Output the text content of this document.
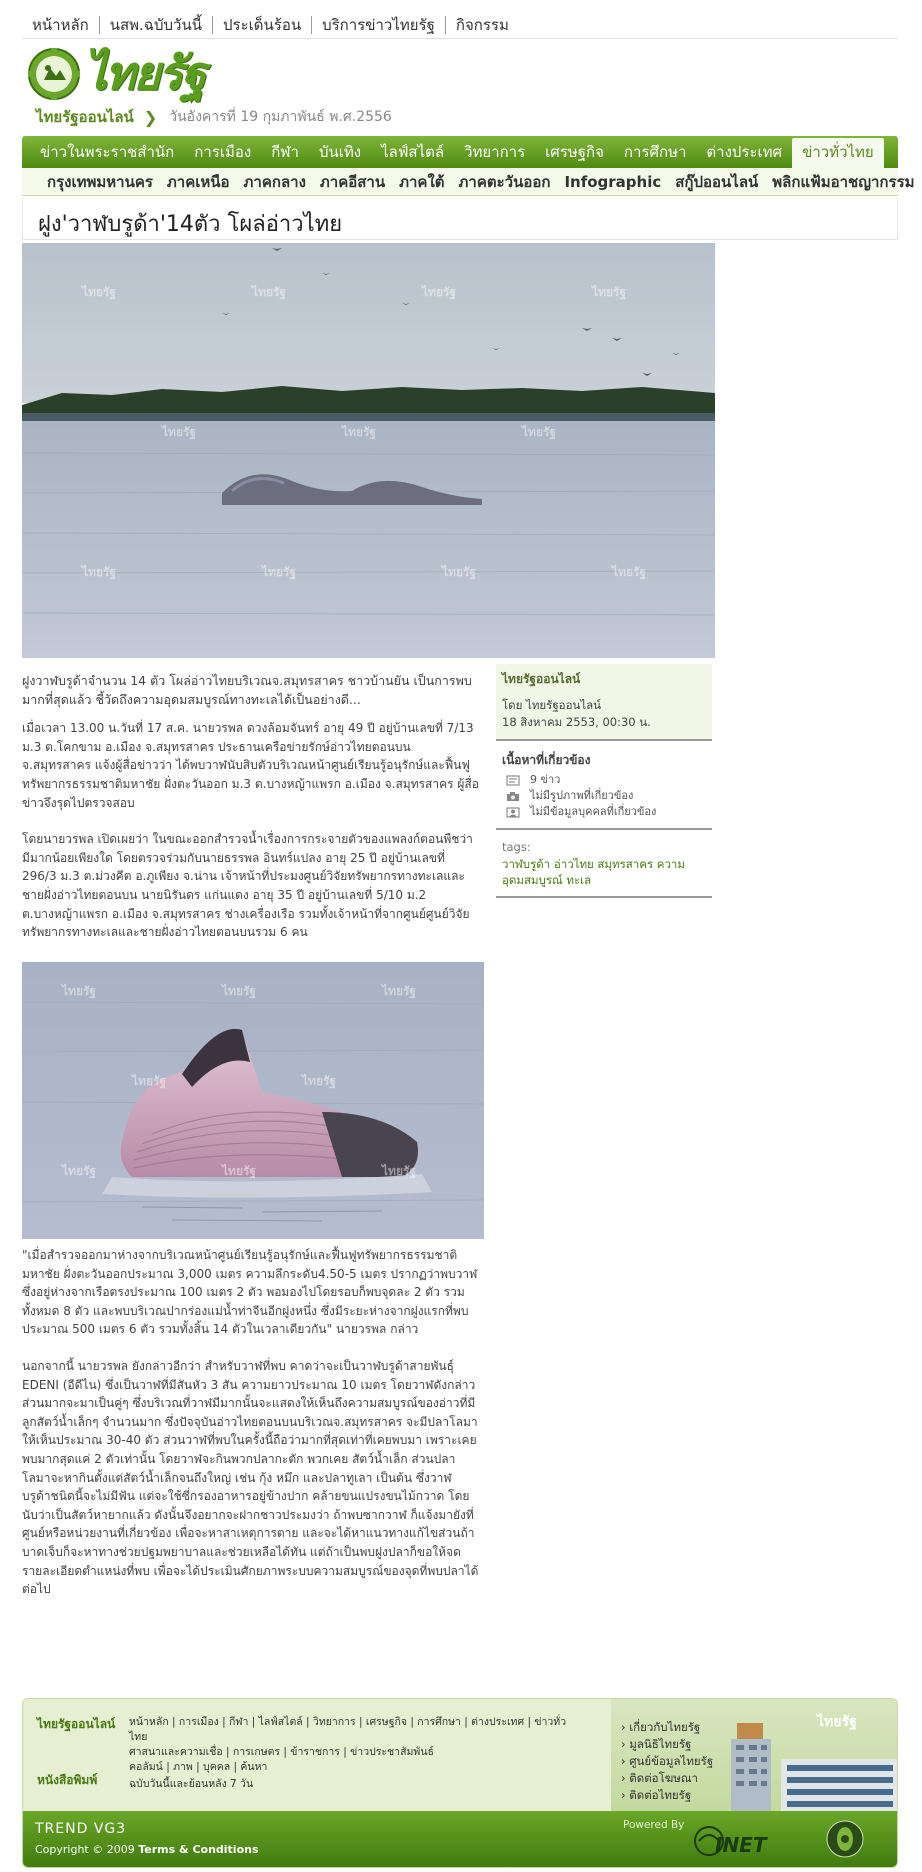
หน้าหลัก	นสพ.ฉบับวันนี้	ประเด็นร้อน	บริการข่าวไทยรัฐ	กิจกรรม
ไทยรัฐ
ไทยรัฐออนไลน์ ❯ วันอังคารที่ 19 กุมภาพันธ์ พ.ศ.2556
ข่าวในพระราชสำนัก	การเมือง	กีฬา	บันเทิง	ไลฟ์สไตล์	วิทยาการ	เศรษฐกิจ	การศึกษา	ต่างประเทศ	ข่าวทั่วไทย
กรุงเทพมหานคร ภาคเหนือ ภาคกลาง ภาคอีสาน ภาคใต้ ภาคตะวันออก Infographic สกู๊ปออนไลน์ พลิกแฟ้มอาชญากรรม
ฝูง'วาฬบรูด้า'14ตัว โผล่อ่าวไทย
ไทยรัฐ	ไทยรัฐ	ไทยรัฐ	ไทยรัฐ
ไทยรัฐ	ไทยรัฐ	ไทยรัฐ
ไทยรัฐ	ไทยรัฐ	ไทยรัฐ	ไทยรัฐ

ฝูงวาฬบรูด้าจำนวน 14 ตัว โผล่อ่าวไทยบริเวณจ.สมุทรสาคร ชาวบ้านยัน เป็นการพบมากที่สุดแล้ว ชี้วัดถึงความอุดมสมบูรณ์ทางทะเลได้เป็นอย่างดี...

เมื่อเวลา 13.00 น.วันที่ 17 ส.ค. นายวรพล ดวงล้อมจันทร์ อายุ 49 ปี อยู่บ้านเลขที่ 7/13 ม.3 ต.โคกขาม อ.เมือง จ.สมุทรสาคร ประธานเครือข่ายรักษ์อ่าวไทยตอนบน จ.สมุทรสาคร แจ้งผู้สื่อข่าวว่า ได้พบวาฬนับสิบตัวบริเวณหน้าศูนย์เรียนรู้อนุรักษ์และฟื้นฟูทรัพยากรธรรมชาติมหาชัย ฝั่งตะวันออก ม.3 ต.บางหญ้าแพรก อ.เมือง จ.สมุทรสาคร ผู้สื่อข่าวจึงรุดไปตรวจสอบ

โดยนายวรพล เปิดเผยว่า ในขณะออกสำรวจน้ำเรื่องการกระจายตัวของแพลงก์ตอนพืชว่ามีมากน้อยเพียงใด โดยตรวจร่วมกับนายธรรพล อินทร์แปลง อายุ 25 ปี อยู่บ้านเลขที่ 296/3 ม.3 ต.ม่วงคีต อ.ภูเพียง จ.น่าน เจ้าหน้าที่ประมงศูนย์วิจัยทรัพยากรทางทะเลและชายฝั่งอ่าวไทยตอนบน นายนิรันดร แก่นแดง อายุ 35 ปี อยู่บ้านเลขที่ 5/10 ม.2 ต.บางหญ้าแพรก อ.เมือง จ.สมุทรสาคร ช่างเครื่องเรือ รวมทั้งเจ้าหน้าที่จากศูนย์ศูนย์วิจัยทรัพยากรทางทะเลและชายฝั่งอ่าวไทยตอนบนรวม 6 คน

ไทยรัฐออนไลน์
โดย ไทยรัฐออนไลน์
18 สิงหาคม 2553, 00:30 น.
เนื้อหาที่เกี่ยวข้อง
9 ข่าว
ไม่มีรูปภาพที่เกี่ยวข้อง
ไม่มีข้อมูลบุคคลที่เกี่ยวข้อง
tags:
วาฬบรูด้า อ่าวไทย สมุทรสาคร ความอุดมสมบูรณ์ ทะเล
ไทยรัฐ	ไทยรัฐ	ไทยรัฐ
ไทยรัฐ	ไทยรัฐ
ไทยรัฐ	ไทยรัฐ	ไทยรัฐ

"เมื่อสำรวจออกมาห่างจากบริเวณหน้าศูนย์เรียนรู้อนุรักษ์และฟื้นฟูทรัพยากรธรรมชาติมหาชัย ฝั่งตะวันออกประมาณ 3,000 เมตร ความลึกระดับ4.50-5 เมตร ปรากฏว่าพบวาฬซึ่งอยู่ห่างจากเรือตรงประมาณ 100 เมตร 2 ตัว พอมองไปโดยรอบก็พบจุดละ 2 ตัว รวมทั้งหมด 8 ตัว และพบบริเวณปากร่องแม่น้ำท่าจีนอีกฝูงหนึ่ง ซึ่งมีระยะห่างจากฝูงแรกที่พบประมาณ 500 เมตร 6 ตัว รวมทั้งสิ้น 14 ตัวในเวลาเดียวกัน" นายวรพล กล่าว

นอกจากนี้ นายวรพล ยังกล่าวอีกว่า สำหรับวาฬที่พบ คาดว่าจะเป็นวาฬบรูด้าสายพันธุ์ EDENI (อีดีไน) ซึ่งเป็นวาฬที่มีสันหัว 3 สัน ความยาวประมาณ 10 เมตร โดยวาฬดังกล่าวส่วนมากจะมาเป็นคู่ๆ ซึ่งบริเวณที่วาฬมีมากนั้นจะแสดงให้เห็นถึงความสมบูรณ์ของอ่าวที่มีลูกสัตว์น้ำเล็กๆ จำนวนมาก ซึ่งปัจจุบันอ่าวไทยตอนบนบริเวณจ.สมุทรสาคร จะมีปลาโลมาให้เห็นประมาณ 30-40 ตัว ส่วนวาฬที่พบในครั้งนี้ถือว่ามากที่สุดเท่าที่เคยพบมา เพราะเคยพบมากสุดแค่ 2 ตัวเท่านั้น โดยวาฬจะกินพวกปลากะตัก พวกเคย สัตว์น้ำเล็ก ส่วนปลาโลมาจะหากินตั้งแต่สัตว์น้ำเล็กจนถึงใหญ่ เช่น กุ้ง หมึก และปลาทูเลา เป็นต้น ซึ่งวาฬบรูด้าชนิดนี้จะไม่มีฟัน แต่จะใช้ซี่กรองอาหารอยู่ข้างปาก คล้ายขนแปรงขนไม้กวาด โดยนับว่าเป็นสัตว์หายากแล้ว ดังนั้นจึงอยากจะฝากชาวประมงว่า ถ้าพบซากวาฬ ก็แจ้งมายังที่ศูนย์หรือหน่วยงานที่เกี่ยวข้อง เพื่อจะหาสาเหตุการตาย และจะได้หาแนวทางแก้ไขส่วนถ้าบาดเจ็บก็จะหาทางช่วยปฐมพยาบาลและช่วยเหลือได้ทัน แต่ถ้าเป็นพบฝูงปลาก็ขอให้จดรายละเอียดตำแหน่งที่พบ เพื่อจะได้ประเมินศักยภาพระบบความสมบูรณ์ของจุดที่พบปลาได้ต่อไป

ไทยรัฐออนไลน์
หนังสือพิมพ์
หน้าหลัก | การเมือง | กีฬา | ไลฟ์สไตล์ | วิทยาการ | เศรษฐกิจ | การศึกษา | ต่างประเทศ | ข่าวทั่วไทย
ศาสนาและความเชื่อ | การเกษตร | ข้าราชการ | ข่าวประชาสัมพันธ์
คอลัมน์ | ภาพ | บุคคล | ค้นหา
ฉบับวันนี้และย้อนหลัง 7 วัน
ไทยรัฐ
› เกี่ยวกับไทยรัฐ
› มูลนิธิไทยรัฐ
› ศูนย์ข้อมูลไทยรัฐ
› ติดต่อโฆษณา
› ติดต่อไทยรัฐ
TREND VG3
Copyright © 2009 Terms & Conditions
Powered By
INET
